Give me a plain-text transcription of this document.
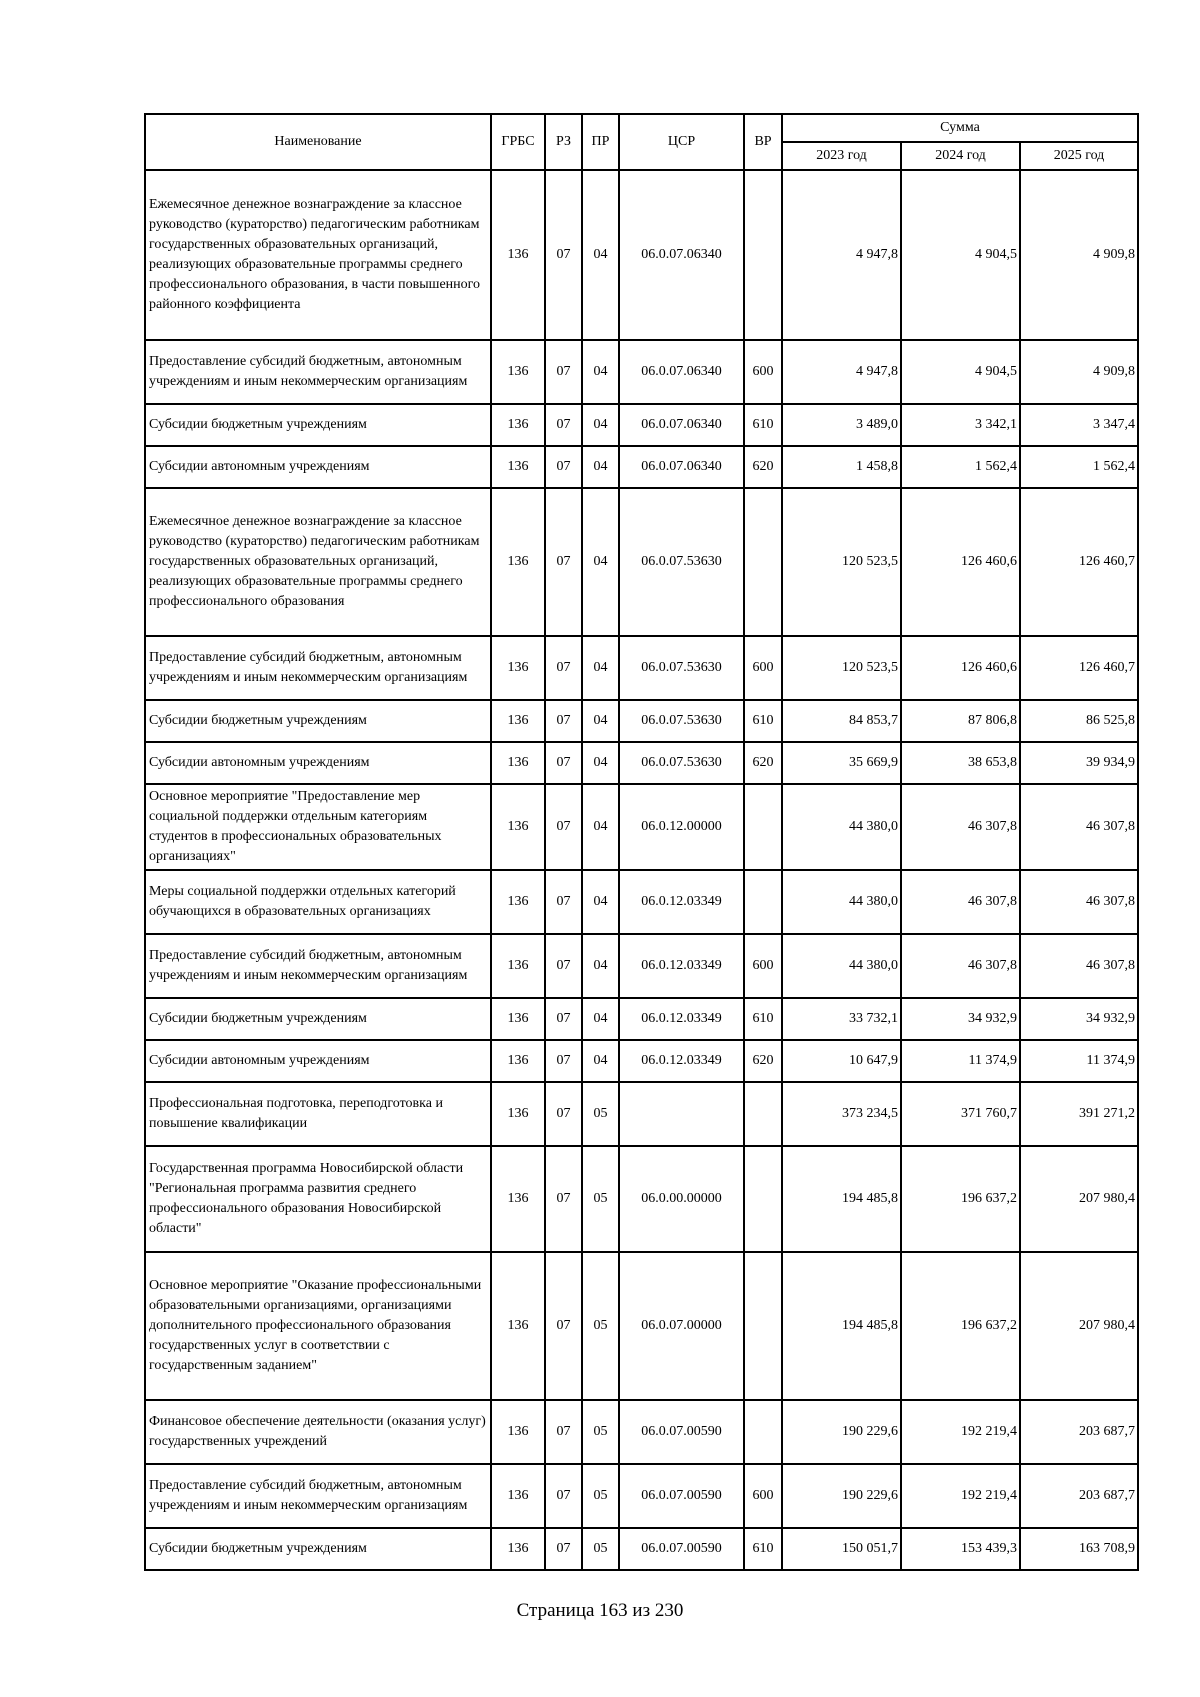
Наименование	ГРБС	РЗ	ПР	ЦСР	ВР	Сумма		
						2023 год	2024 год	2025 год
Ежемесячное денежное вознаграждение за классное руководство (кураторство) педагогическим работникам государственных образовательных организаций, реализующих образовательные программы среднего профессионального образования, в части повышенного районного коэффициента	136	07	04	06.0.07.06340		4 947,8	4 904,5	4 909,8
Предоставление субсидий бюджетным, автономным учреждениям и иным некоммерческим организациям	136	07	04	06.0.07.06340	600	4 947,8	4 904,5	4 909,8
Субсидии бюджетным учреждениям	136	07	04	06.0.07.06340	610	3 489,0	3 342,1	3 347,4
Субсидии автономным учреждениям	136	07	04	06.0.07.06340	620	1 458,8	1 562,4	1 562,4
Ежемесячное денежное вознаграждение за классное руководство (кураторство) педагогическим работникам государственных образовательных организаций, реализующих образовательные программы среднего профессионального образования	136	07	04	06.0.07.53630		120 523,5	126 460,6	126 460,7
Предоставление субсидий бюджетным, автономным учреждениям и иным некоммерческим организациям	136	07	04	06.0.07.53630	600	120 523,5	126 460,6	126 460,7
Субсидии бюджетным учреждениям	136	07	04	06.0.07.53630	610	84 853,7	87 806,8	86 525,8
Субсидии автономным учреждениям	136	07	04	06.0.07.53630	620	35 669,9	38 653,8	39 934,9
Основное мероприятие "Предоставление мер социальной поддержки отдельным категориям студентов в профессиональных образовательных организациях"	136	07	04	06.0.12.00000		44 380,0	46 307,8	46 307,8
Меры социальной поддержки отдельных категорий обучающихся в образовательных организациях	136	07	04	06.0.12.03349		44 380,0	46 307,8	46 307,8
Предоставление субсидий бюджетным, автономным учреждениям и иным некоммерческим организациям	136	07	04	06.0.12.03349	600	44 380,0	46 307,8	46 307,8
Субсидии бюджетным учреждениям	136	07	04	06.0.12.03349	610	33 732,1	34 932,9	34 932,9
Субсидии автономным учреждениям	136	07	04	06.0.12.03349	620	10 647,9	11 374,9	11 374,9
Профессиональная подготовка, переподготовка и повышение квалификации	136	07	05			373 234,5	371 760,7	391 271,2
Государственная программа Новосибирской области "Региональная программа развития среднего профессионального образования Новосибирской области"	136	07	05	06.0.00.00000		194 485,8	196 637,2	207 980,4
Основное мероприятие "Оказание профессиональными образовательными организациями, организациями дополнительного профессионального образования государственных услуг в соответствии с государственным заданием"	136	07	05	06.0.07.00000		194 485,8	196 637,2	207 980,4
Финансовое обеспечение деятельности (оказания услуг) государственных учреждений	136	07	05	06.0.07.00590		190 229,6	192 219,4	203 687,7
Предоставление субсидий бюджетным, автономным учреждениям и иным некоммерческим организациям	136	07	05	06.0.07.00590	600	190 229,6	192 219,4	203 687,7
Субсидии бюджетным учреждениям	136	07	05	06.0.07.00590	610	150 051,7	153 439,3	163 708,9
Страница 163 из 230
